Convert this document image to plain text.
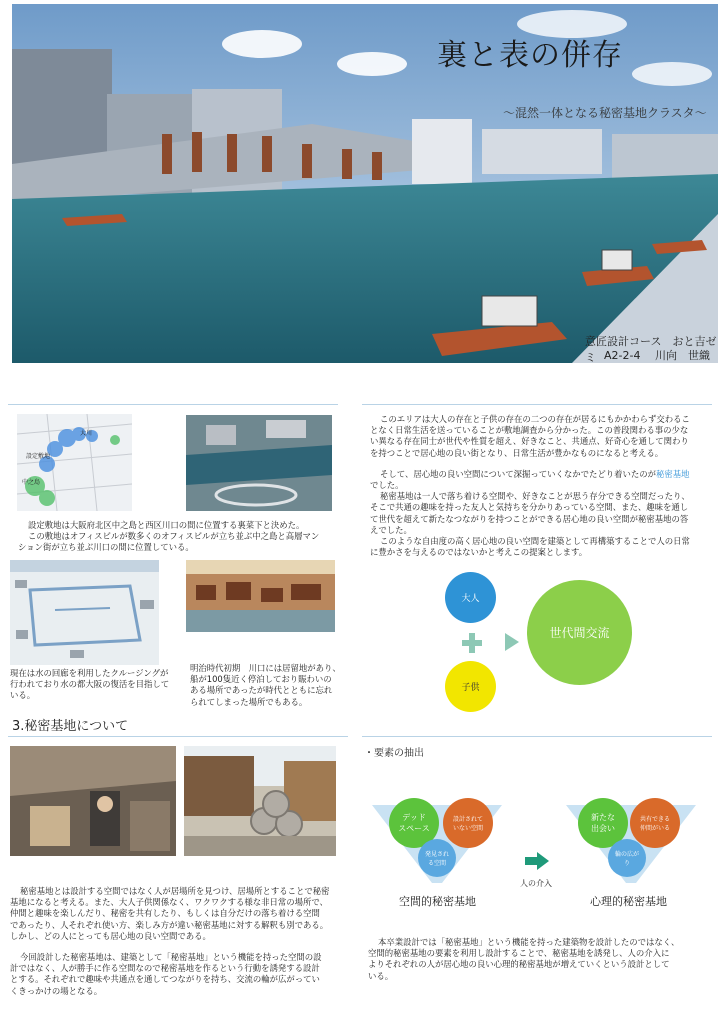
裏と表の併存
～混然一体となる秘密基地クラスタ～
意匠設計コース　おと吉ゼミ A2-2-4　 川向　世織
設定敷地
中之島
大川
設定敷地は大阪府北区中之島と西区川口の間に位置する裏菜下と決めた。
この敷地はオフィスビルが数多くのオフィスビルが立ち並ぶ中之島と高層マン
ション街が立ち並ぶ川口の間に位置している。
現在は水の回廊を利用したクルージングが
行われており水の都大阪の復活を目指して
いる。
明治時代初期　川口には居留地があり、
船が100隻近く停泊しており賑わいの
ある場所であったが時代とともに忘れ
られてしまった場所でもある。
このエリアは大人の存在と子供の存在の二つの存在が居るにもかかわらず交わるこ
となく日常生活を送っていることが敷地調査から分かった。この普段関わる事の少な
い異なる存在同士が世代や性質を超え、好きなこと、共通点、好奇心を通して関わり
を持つことで居心地の良い街となり、日常生活が豊かなものになると考える。
そして、居心地の良い空間について深掘っていくなかでたどり着いたのが秘密基地
でした。
秘密基地は一人で落ち着ける空間や、好きなことが思う存分できる空間だったり、
そこで共通の趣味を持った友人と気持ちを分かりあっている空間、また、趣味を通し
て世代を超えて新たなつながりを持つことができる居心地の良い空間が秘密基地の答
えでした。
このような自由度の高く居心地の良い空間を建築として再構築することで人の日常
に豊かさを与えるのではないかと考えこの提案とします。
大人
子供
世代間交流
3.秘密基地について
秘密基地とは設計する空間ではなく人が居場所を見つけ、居場所とすることで秘密
基地になると考える。また、大人子供関係なく、ワクワクする様な非日常の場所で、
仲間と趣味を楽しんだり、秘密を共有したり、もしくは自分だけの落ち着ける空間
であったり、人それぞれ使い方、楽しみ方が違い秘密基地に対する解釈も別である。
しかし、どの人にとっても居心地の良い空間である。
今回設計した秘密基地は、建築として「秘密基地」という機能を持った空間の設
計ではなく、人が勝手に作る空間なので秘密基地を作るという行動を誘発する設計
とする。それぞれで趣味や共通点を通してつながりを持ち、交流の輪が広がってい
くきっかけの場となる。
・要素の抽出
デッド
スペース
設計されて
いない空間
発見され
る空間
空間的秘密基地
人の介入
新たな
出会い
共有できる
仲間がいる
輪の広が
り
心理的秘密基地
本卒業設計では「秘密基地」という機能を持った建築物を設計したのではなく、
空間的秘密基地の要素を利用し設計することで、秘密基地を誘発し、人の介入に
よりそれぞれの人が居心地の良い心理的秘密基地が増えていくという設計として
いる。
